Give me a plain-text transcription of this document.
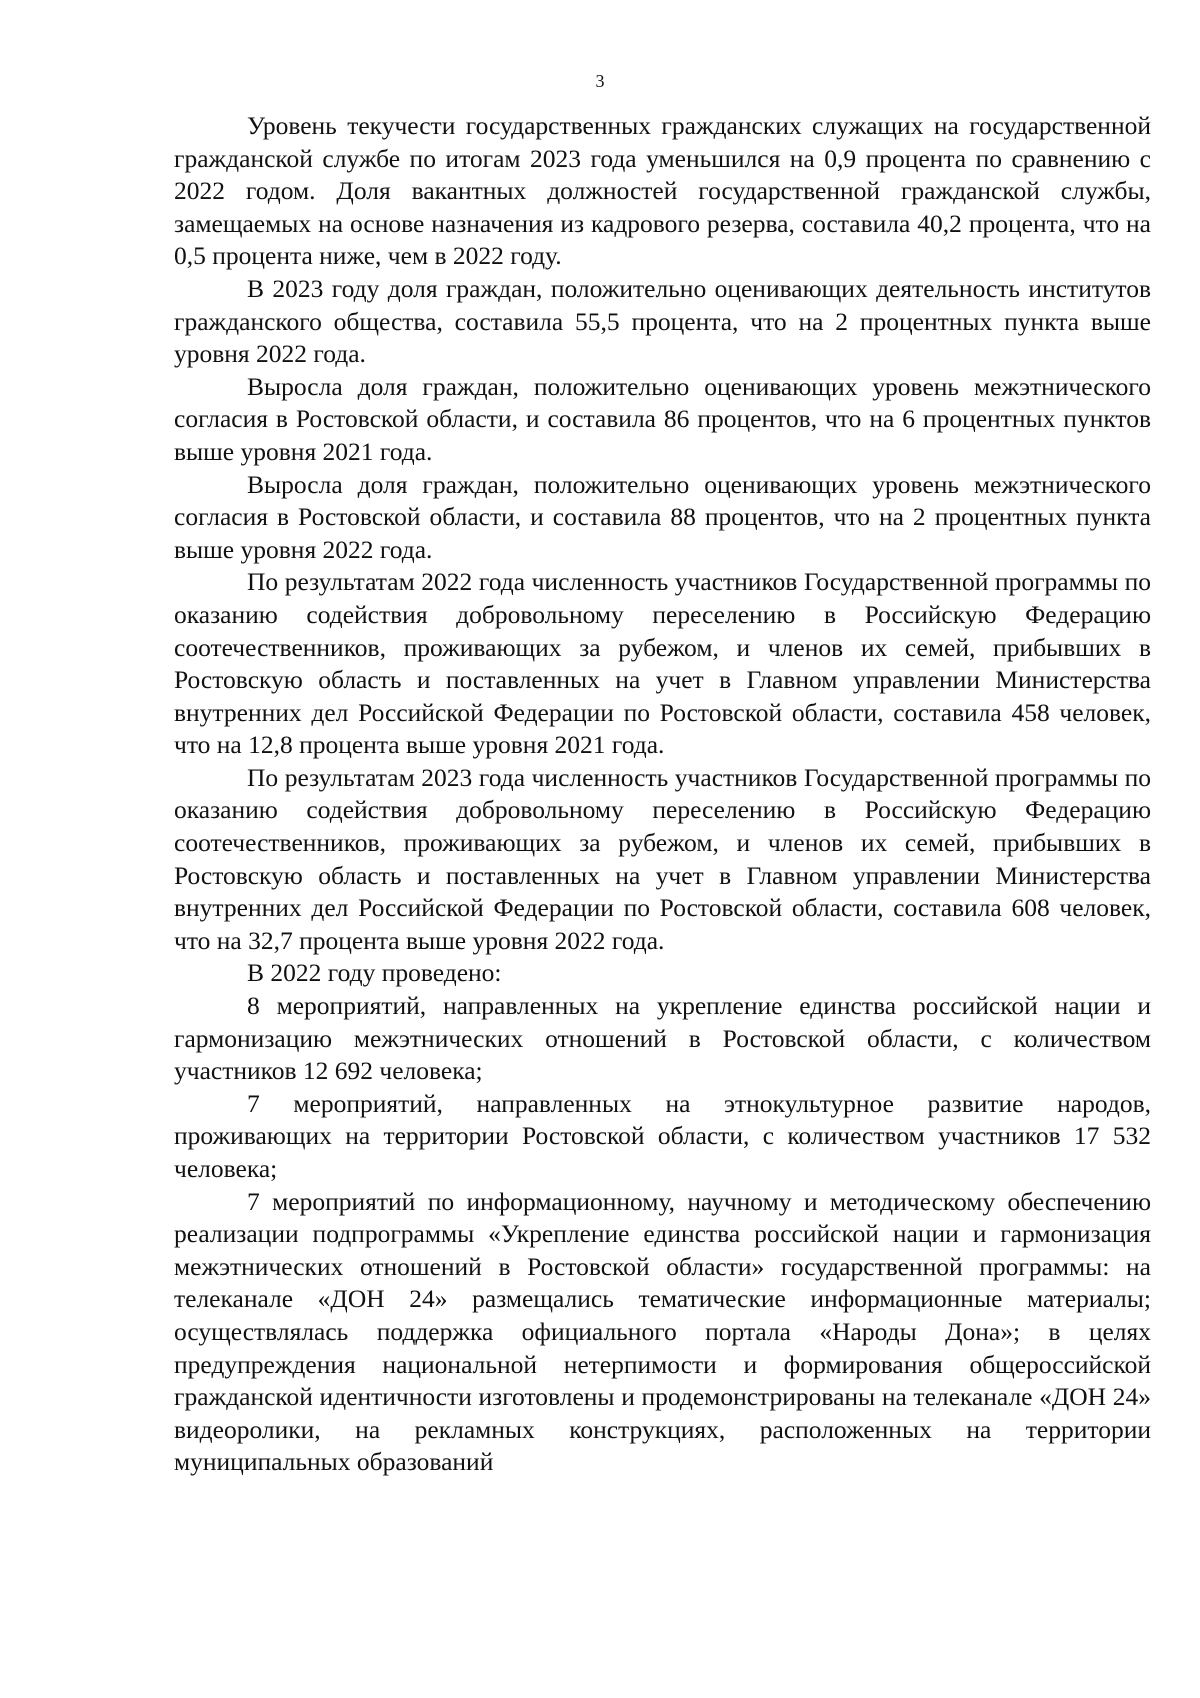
3

Уровень текучести государственных гражданских служащих на государственной гражданской службе по итогам 2023 года уменьшился на 0,9 процента по сравнению с 2022 годом. Доля вакантных должностей государственной гражданской службы, замещаемых на основе назначения из кадрового резерва, составила 40,2 процента, что на 0,5 процента ниже, чем в 2022 году.

В 2023 году доля граждан, положительно оценивающих деятельность институтов гражданского общества, составила 55,5 процента, что на 2 процентных пункта выше уровня 2022 года.

Выросла доля граждан, положительно оценивающих уровень межэтнического согласия в Ростовской области, и составила 86 процентов, что на 6 процентных пунктов выше уровня 2021 года.

Выросла доля граждан, положительно оценивающих уровень межэтнического согласия в Ростовской области, и составила 88 процентов, что на 2 процентных пункта выше уровня 2022 года.

По результатам 2022 года численность участников Государственной программы по оказанию содействия добровольному переселению в Российскую Федерацию соотечественников, проживающих за рубежом, и членов их семей, прибывших в Ростовскую область и поставленных на учет в Главном управлении Министерства внутренних дел Российской Федерации по Ростовской области, составила 458 человек, что на 12,8 процента выше уровня 2021 года.

По результатам 2023 года численность участников Государственной программы по оказанию содействия добровольному переселению в Российскую Федерацию соотечественников, проживающих за рубежом, и членов их семей, прибывших в Ростовскую область и поставленных на учет в Главном управлении Министерства внутренних дел Российской Федерации по Ростовской области, составила 608 человек, что на 32,7 процента выше уровня 2022 года.

В 2022 году проведено:

8 мероприятий, направленных на укрепление единства российской нации и гармонизацию межэтнических отношений в Ростовской области, с количеством участников 12 692 человека;

7 мероприятий, направленных на этнокультурное развитие народов, проживающих на территории Ростовской области, с количеством участников 17 532 человека;

7 мероприятий по информационному, научному и методическому обеспечению реализации подпрограммы «Укрепление единства российской нации и гармонизация межэтнических отношений в Ростовской области» государственной программы: на телеканале «ДОН 24» размещались тематические информационные материалы; осуществлялась поддержка официального портала «Народы Дона»; в целях предупреждения национальной нетерпимости и формирования общероссийской гражданской идентичности изготовлены и продемонстрированы на телеканале «ДОН 24» видеоролики, на рекламных конструкциях, расположенных на территории муниципальных образований
